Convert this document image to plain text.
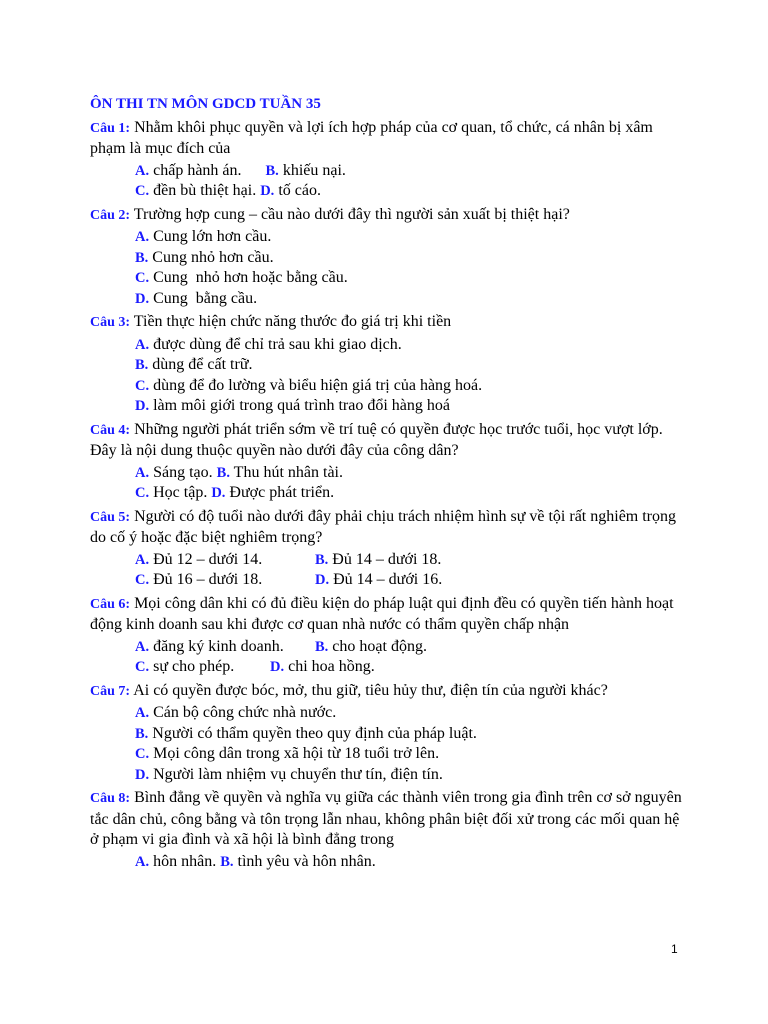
ÔN THI TN MÔN GDCD TUẦN 35
Câu 1: Nhằm khôi phục quyền và lợi ích hợp pháp của cơ quan, tổ chức, cá nhân bị xâm phạm là mục đích của
A. chấp hành án. B. khiếu nại.
C. đền bù thiệt hại. D. tố cáo.
Câu 2: Trường hợp cung – cầu nào dưới đây thì người sản xuất bị thiệt hại?
A. Cung lớn hơn cầu.
B. Cung nhỏ hơn cầu.
C. Cung  nhỏ hơn hoặc bằng cầu.
D. Cung  bằng cầu.
Câu 3: Tiền thực hiện chức năng thước đo giá trị khi tiền
A. được dùng để chỉ trả sau khi giao dịch.
B. dùng để cất trữ.
C. dùng để đo lường và biểu hiện giá trị của hàng hoá.
D. làm môi giới trong quá trình trao đổi hàng hoá
Câu 4: Những người phát triển sớm về trí tuệ có quyền được học trước tuổi, học vượt lớp. Đây là nội dung thuộc quyền nào dưới đây của công dân?
A. Sáng tạo. B. Thu hút nhân tài.
C. Học tập. D. Được phát triển.
Câu 5: Người có độ tuổi nào dưới đây phải chịu trách nhiệm hình sự về tội rất nghiêm trọng do cố ý hoặc đặc biệt nghiêm trọng?
A. Đủ 12 – dưới 14.	B. Đủ 14 – dưới 18.
C. Đủ 16 – dưới 18.	D. Đủ 14 – dưới 16.
Câu 6: Mọi công dân khi có đủ điều kiện do pháp luật qui định đều có quyền tiến hành hoạt động kinh doanh sau khi được cơ quan nhà nước có thẩm quyền chấp nhận
A. đăng ký kinh doanh. B. cho hoạt động.
C. sự cho phép. D. chi hoa hồng.
Câu 7: Ai có quyền được bóc, mở, thu giữ, tiêu hủy thư, điện tín của người khác?
A. Cán bộ công chức nhà nước.
B. Người có thẩm quyền theo quy định của pháp luật.
C. Mọi công dân trong xã hội từ 18 tuổi trở lên.
D. Người làm nhiệm vụ chuyển thư tín, điện tín.
Câu 8: Bình đẳng về quyền và nghĩa vụ giữa các thành viên trong gia đình trên cơ sở nguyên tắc dân chủ, công bằng và tôn trọng lẫn nhau, không phân biệt đối xử trong các mối quan hệ ở phạm vi gia đình và xã hội là bình đẳng trong
A. hôn nhân. B. tình yêu và hôn nhân.
1
